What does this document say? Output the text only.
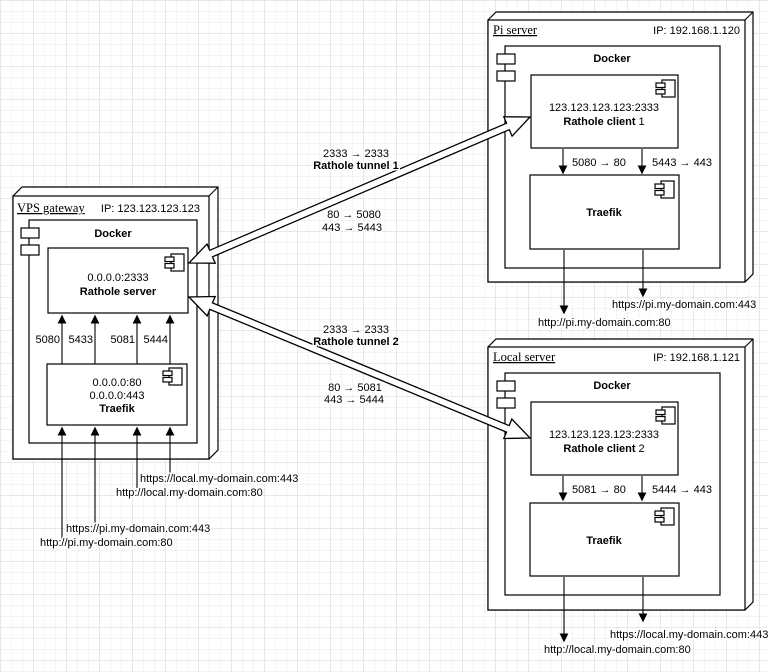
VPS gateway IP: 123.123.123.123
Docker
0.0.0.0:2333
Rathole server
0.0.0.0:80
0.0.0.0:443
Traefik
5080 5433 5081 5444
https://local.my-domain.com:443
http://local.my-domain.com:80
https://pi.my-domain.com:443
http://pi.my-domain.com:80
Pi server	IP: 192.168.1.120
Docker
123.123.123.123:2333
Rathole client 1
5080 → 80 5443 → 443
Traefik
https://pi.my-domain.com:443
http://pi.my-domain.com:80
Local server	IP: 192.168.1.121
Docker
123.123.123.123:2333
Rathole client 2
5081 → 80 5444 → 443
Traefik
https://local.my-domain.com:443
http://local.my-domain.com:80
2333 → 2333
Rathole tunnel 1
80 → 5080
443 → 5443
2333 → 2333
Rathole tunnel 2
80 → 5081
443 → 5444
